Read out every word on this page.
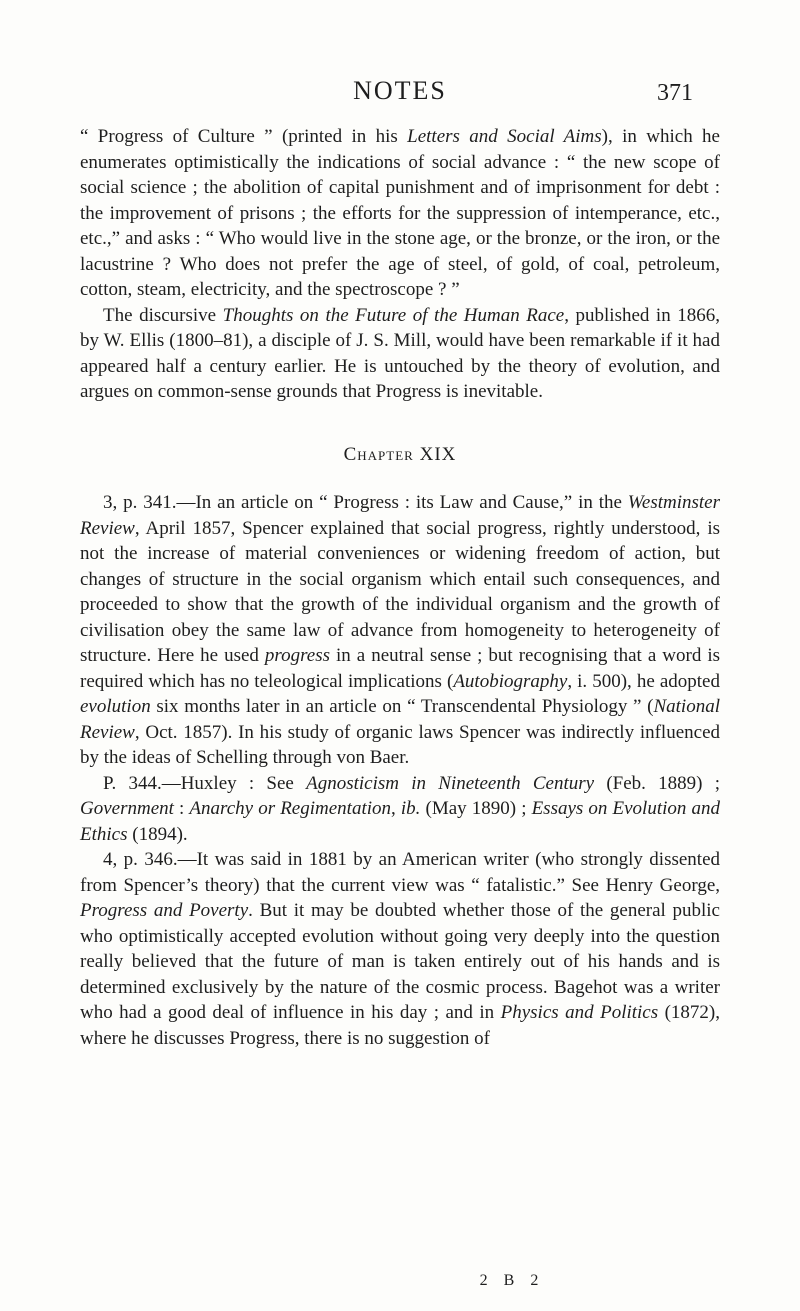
NOTES	371

“ Progress of Culture ” (printed in his Letters and Social Aims), in which he enumerates optimistically the indications of social advance : “ the new scope of social science ; the abolition of capital punishment and of imprisonment for debt : the improvement of prisons ; the efforts for the suppression of intemperance, etc., etc.,” and asks : “ Who would live in the stone age, or the bronze, or the iron, or the lacustrine ? Who does not prefer the age of steel, of gold, of coal, petroleum, cotton, steam, electricity, and the spectroscope ? ”

The discursive Thoughts on the Future of the Human Race, published in 1866, by W. Ellis (1800–81), a disciple of J. S. Mill, would have been remarkable if it had appeared half a century earlier. He is untouched by the theory of evolution, and argues on common-sense grounds that Progress is inevitable.

Chapter XIX

3, p. 341.—In an article on “ Progress : its Law and Cause,” in the Westminster Review, April 1857, Spencer explained that social progress, rightly understood, is not the increase of material conveniences or widening freedom of action, but changes of structure in the social organism which entail such consequences, and proceeded to show that the growth of the individual organism and the growth of civilisation obey the same law of advance from homogeneity to heterogeneity of structure. Here he used progress in a neutral sense ; but recognising that a word is required which has no teleological implications (Autobiography, i. 500), he adopted evolution six months later in an article on “ Transcendental Physiology ” (National Review, Oct. 1857). In his study of organic laws Spencer was indirectly influenced by the ideas of Schelling through von Baer.

P. 344.—Huxley : See Agnosticism in Nineteenth Century (Feb. 1889) ; Government : Anarchy or Regimentation, ib. (May 1890) ; Essays on Evolution and Ethics (1894).

4, p. 346.—It was said in 1881 by an American writer (who strongly dissented from Spencer’s theory) that the current view was “ fatalistic.” See Henry George, Progress and Poverty. But it may be doubted whether those of the general public who optimistically accepted evolution without going very deeply into the question really believed that the future of man is taken entirely out of his hands and is determined exclusively by the nature of the cosmic process. Bagehot was a writer who had a good deal of influence in his day ; and in Physics and Politics (1872), where he discusses Progress, there is no suggestion of

2 B 2
